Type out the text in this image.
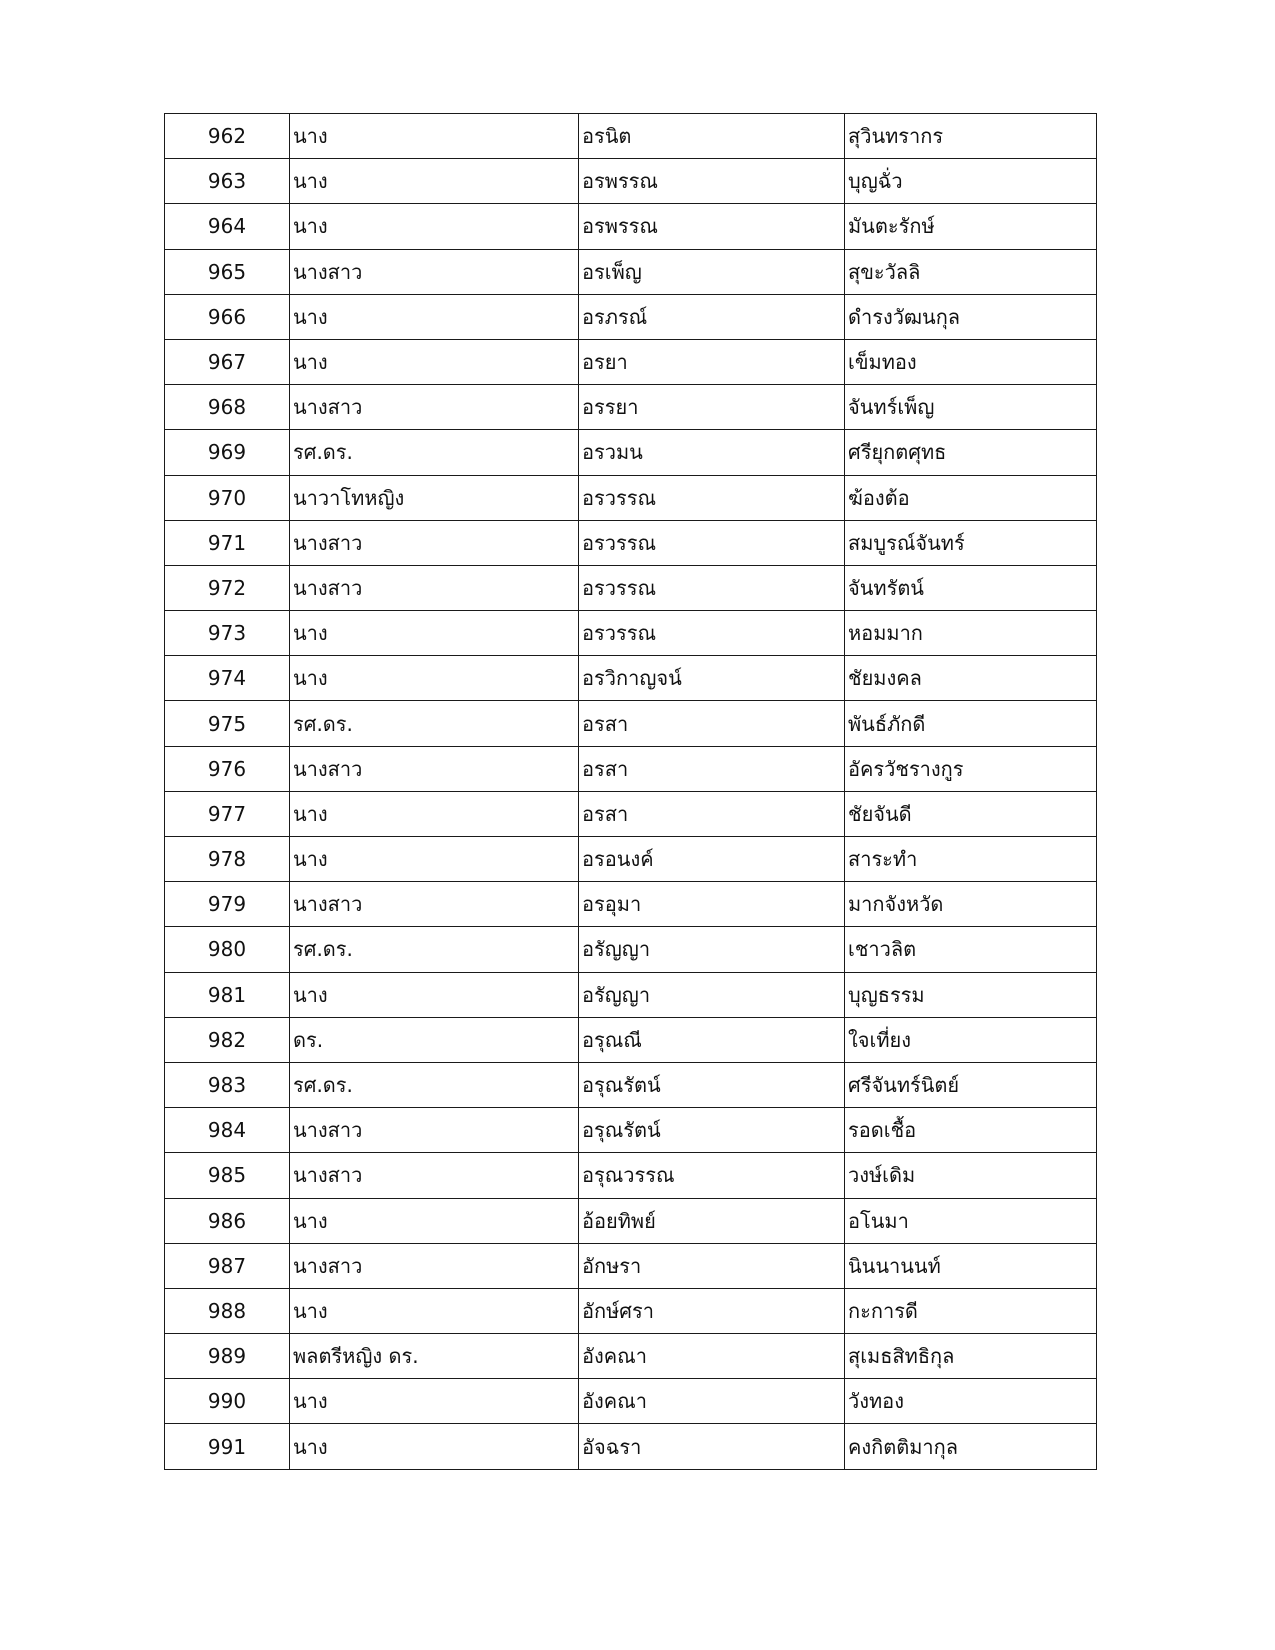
962	นาง	อรนิต	สุวินทรากร
963	นาง	อรพรรณ	บุญฉั่ว
964	นาง	อรพรรณ	มันตะรักษ์
965	นางสาว	อรเพ็ญ	สุขะวัลลิ
966	นาง	อรภรณ์	ดำรงวัฒนกุล
967	นาง	อรยา	เข็มทอง
968	นางสาว	อรรยา	จันทร์เพ็ญ
969	รศ.ดร.	อรวมน	ศรียุกตศุทธ
970	นาวาโทหญิง	อรวรรณ	ฆ้องต้อ
971	นางสาว	อรวรรณ	สมบูรณ์จันทร์
972	นางสาว	อรวรรณ	จันทรัตน์
973	นาง	อรวรรณ	หอมมาก
974	นาง	อรวิกาญจน์	ชัยมงคล
975	รศ.ดร.	อรสา	พันธ์ภักดี
976	นางสาว	อรสา	อัครวัชรางกูร
977	นาง	อรสา	ชัยจันดี
978	นาง	อรอนงค์	สาระทำ
979	นางสาว	อรอุมา	มากจังหวัด
980	รศ.ดร.	อรัญญา	เชาวลิต
981	นาง	อรัญญา	บุญธรรม
982	ดร.	อรุณณี	ใจเที่ยง
983	รศ.ดร.	อรุณรัตน์	ศรีจันทร์นิตย์
984	นางสาว	อรุณรัตน์	รอดเชื้อ
985	นางสาว	อรุณวรรณ	วงษ์เดิม
986	นาง	อ้อยทิพย์	อโนมา
987	นางสาว	อักษรา	นินนานนท์
988	นาง	อักษ์ศรา	กะการดี
989	พลตรีหญิง ดร.	อังคณา	สุเมธสิทธิกุล
990	นาง	อังคณา	วังทอง
991	นาง	อัจฉรา	คงกิตติมากุล
